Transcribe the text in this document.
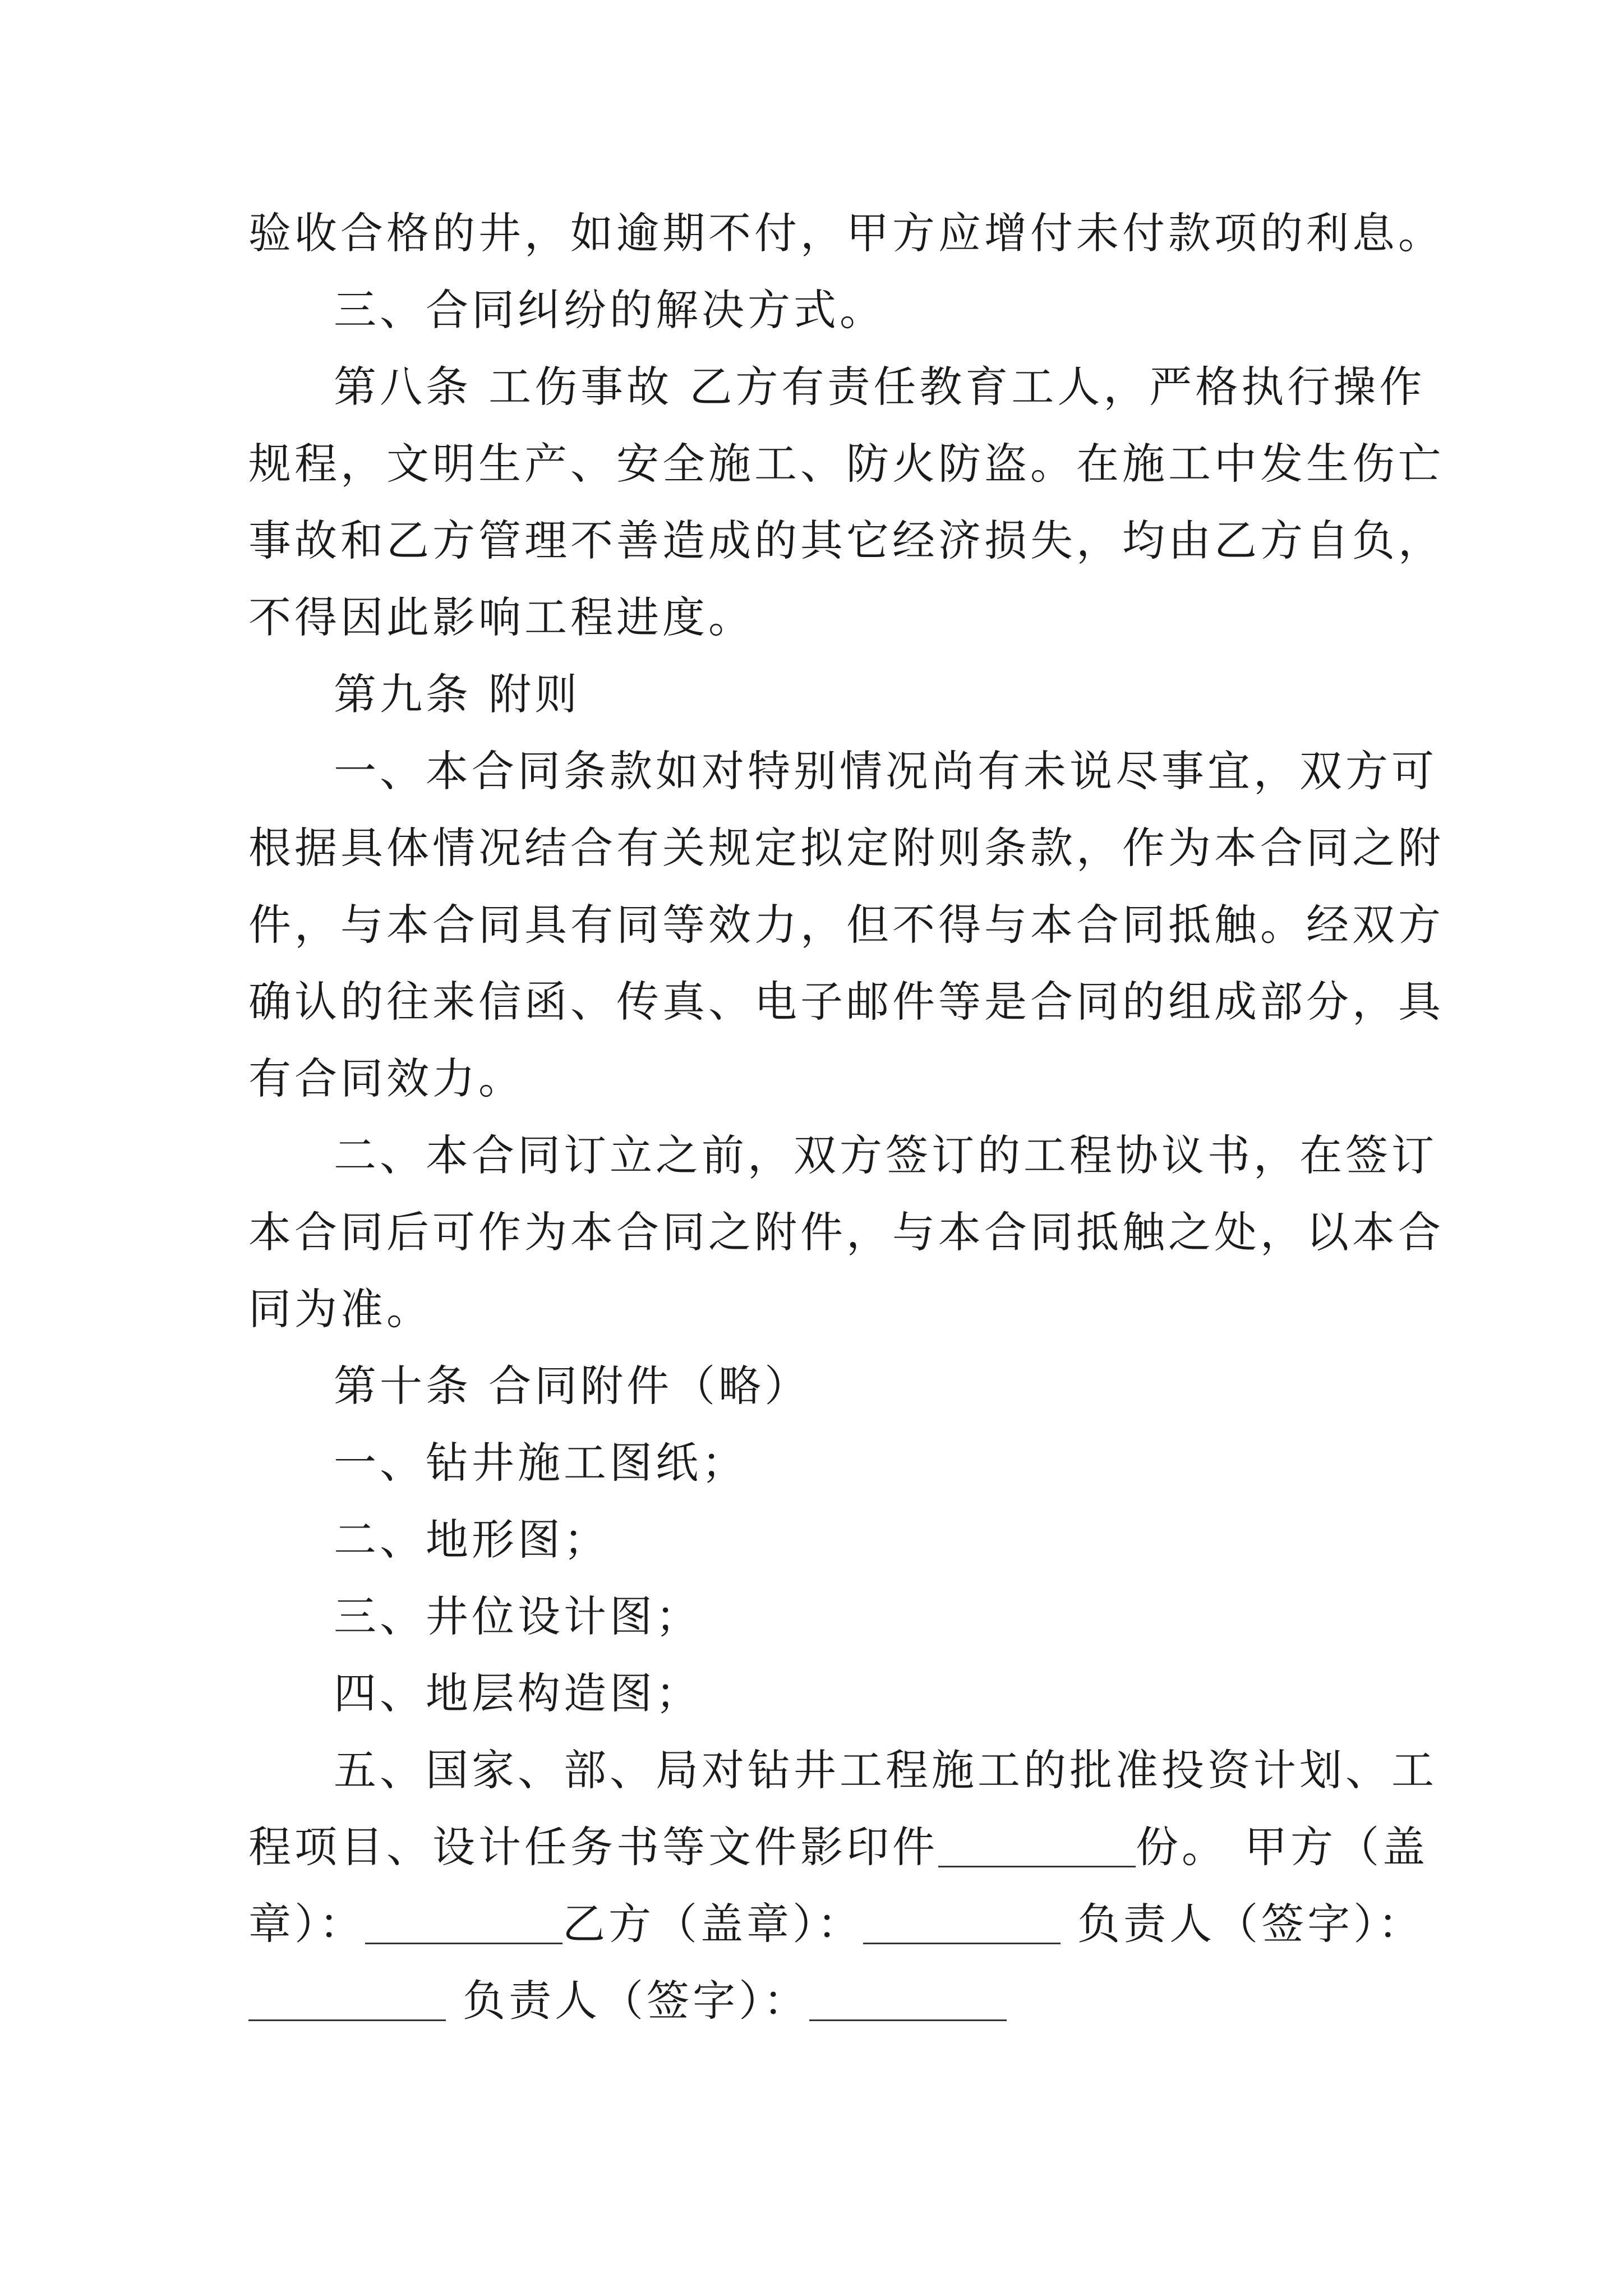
验收合格的井，如逾期不付，甲方应增付未付款项的利息。
三、合同纠纷的解决方式。
第八条 工伤事故 乙方有责任教育工人，严格执行操作
规程，文明生产、安全施工、防火防盗。在施工中发生伤亡
事故和乙方管理不善造成的其它经济损失，均由乙方自负，
不得因此影响工程进度。
第九条 附则
一、本合同条款如对特别情况尚有未说尽事宜，双方可
根据具体情况结合有关规定拟定附则条款，作为本合同之附
件，与本合同具有同等效力，但不得与本合同抵触。经双方
确认的往来信函、传真、电子邮件等是合同的组成部分，具
有合同效力。
二、本合同订立之前，双方签订的工程协议书，在签订
本合同后可作为本合同之附件，与本合同抵触之处，以本合
同为准。
第十条 合同附件（略）
一、钻井施工图纸；
二、地形图；
三、井位设计图；
四、地层构造图；
五、国家、部、局对钻井工程施工的批准投资计划、工
程项目、设计任务书等文件影印件	份。 甲方（盖
章）：	乙方（盖章）：	负责人（签字）：
负责人（签字）：
